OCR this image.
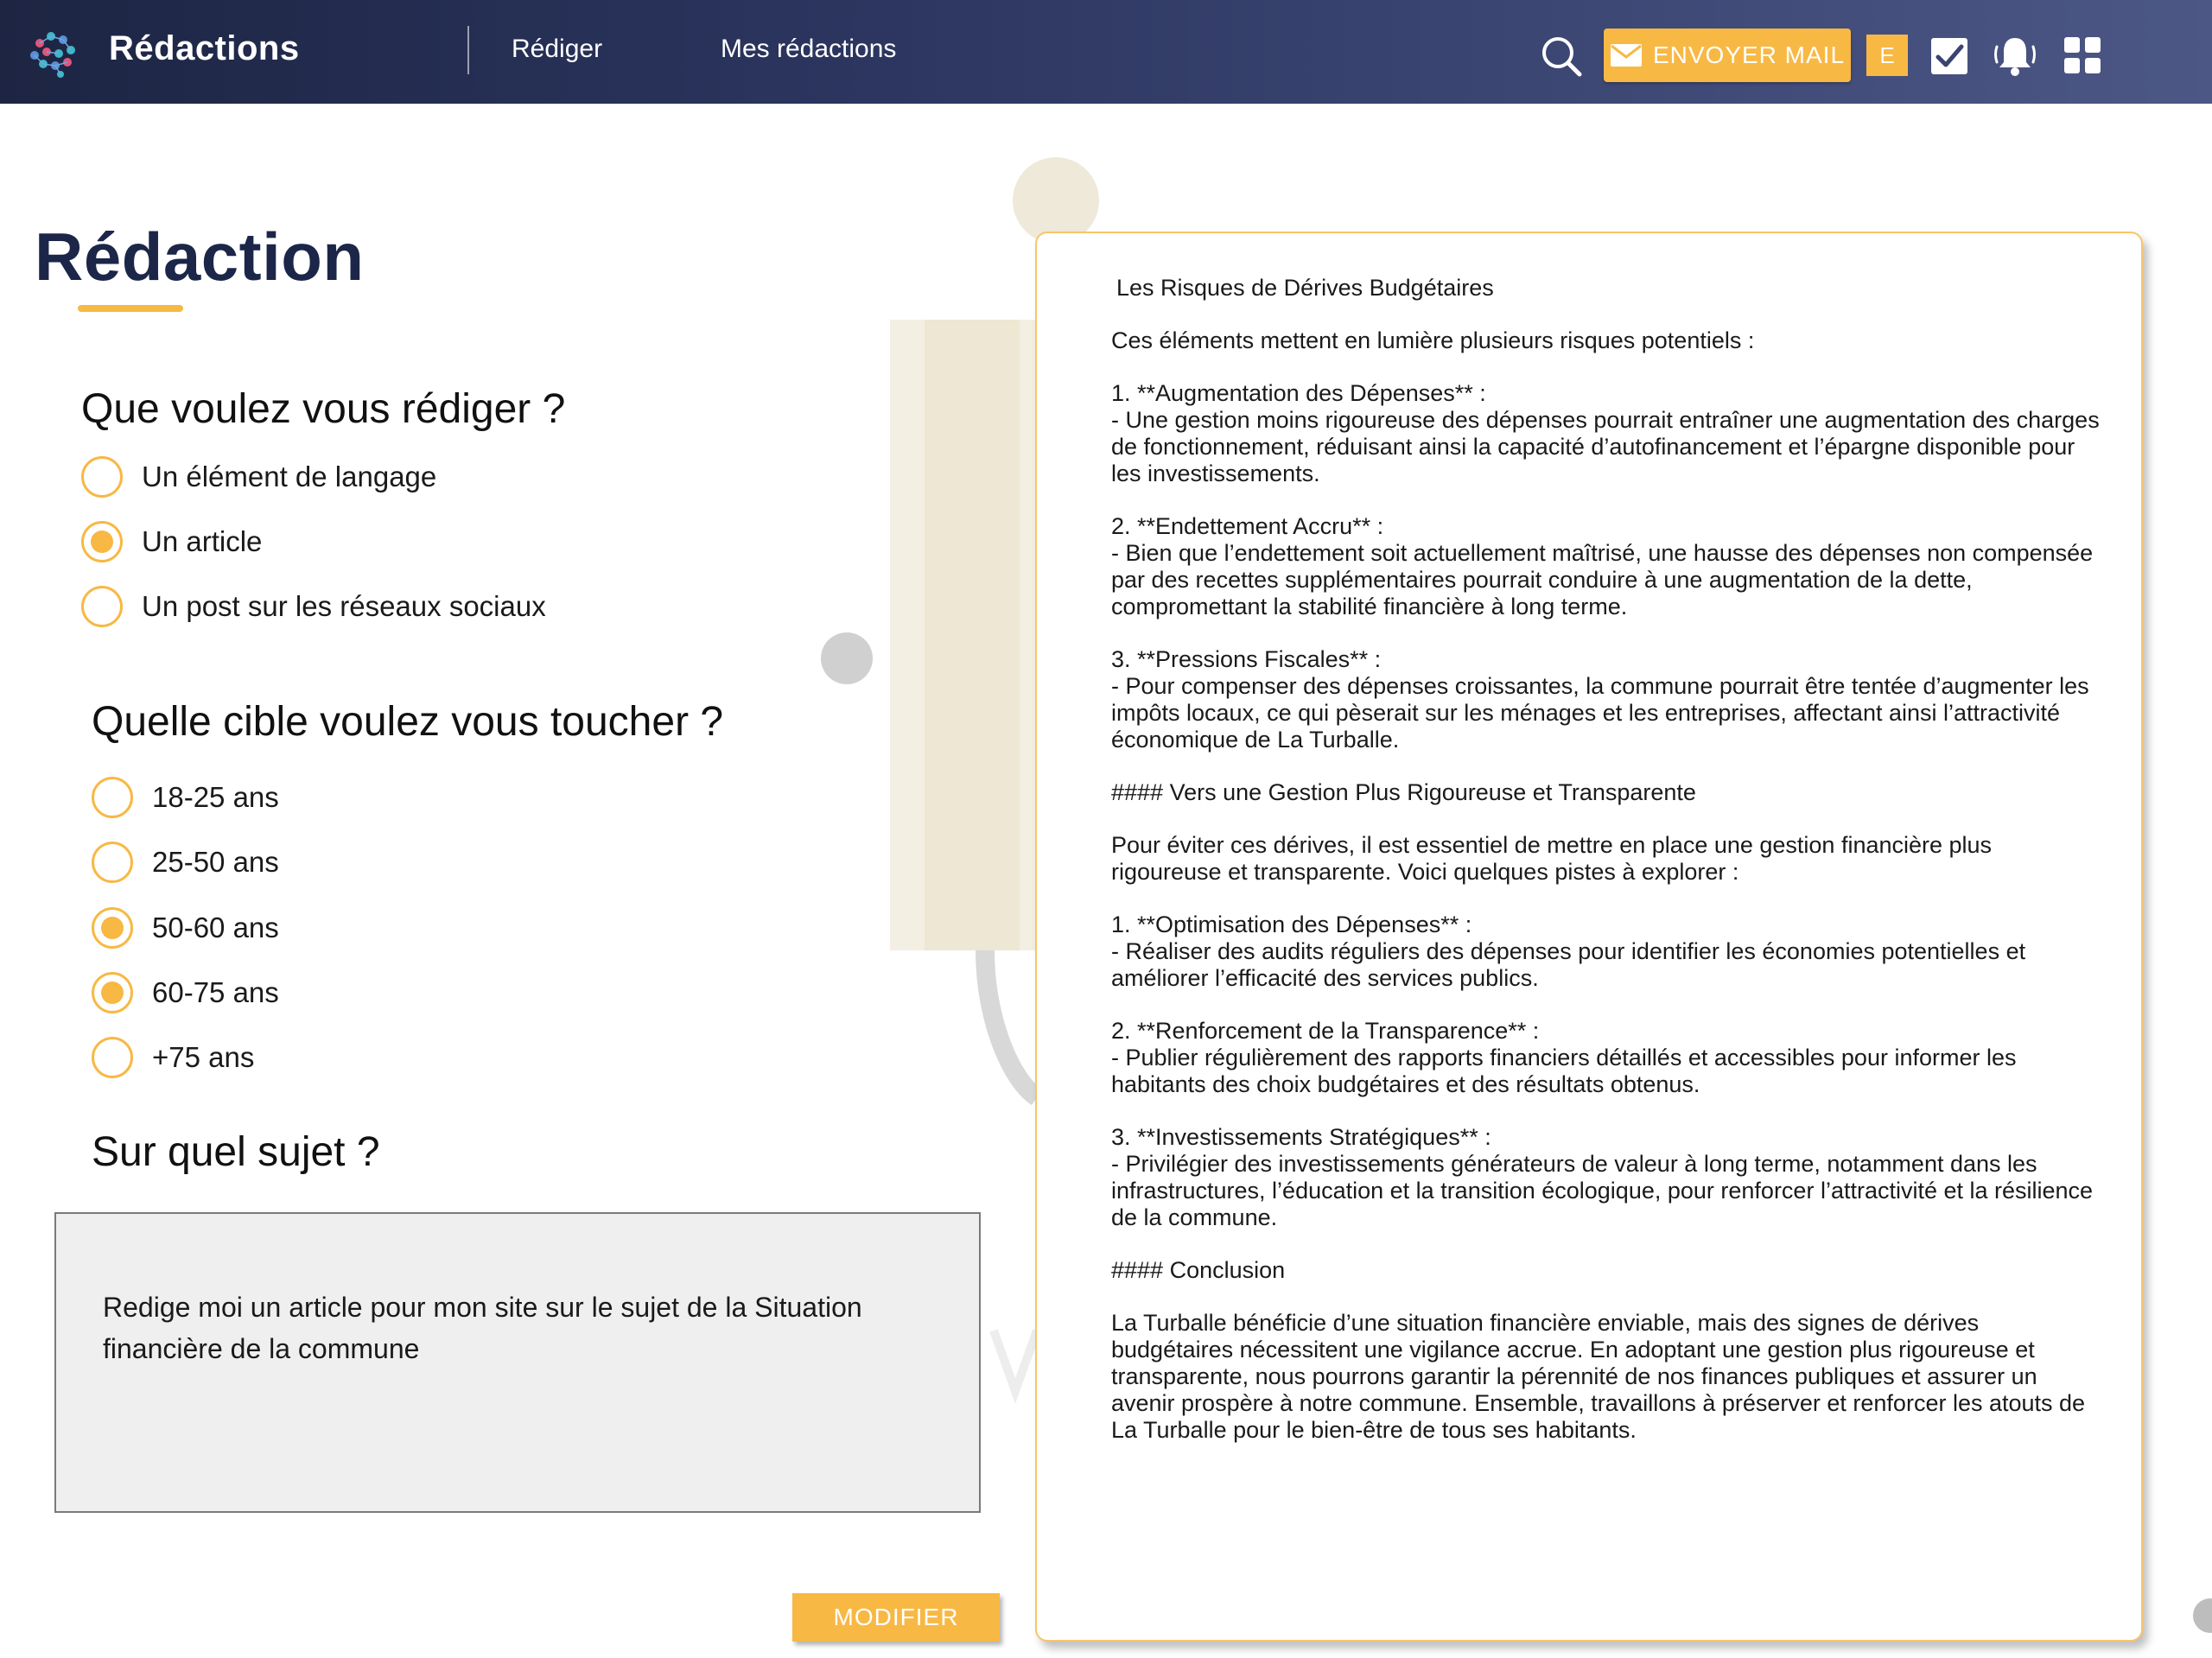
Rédactions	Rédiger	Mes rédactions	ENVOYER MAIL	E
Rédaction
Que voulez vous rédiger ?
Un élément de langage
Un article
Un post sur les réseaux sociaux
Quelle cible voulez vous toucher ?
18-25 ans
25-50 ans
50-60 ans
60-75 ans
+75 ans
Sur quel sujet ?
Redige moi un article pour mon site sur le sujet de la Situation financière de la commune
MODIFIER
Les Risques de Dérives Budgétaires
Ces éléments mettent en lumière plusieurs risques potentiels :
1. **Augmentation des Dépenses** :
- Une gestion moins rigoureuse des dépenses pourrait entraîner une augmentation des charges de fonctionnement, réduisant ainsi la capacité d’autofinancement et l’épargne disponible pour les investissements.
2. **Endettement Accru** :
- Bien que l’endettement soit actuellement maîtrisé, une hausse des dépenses non compensée par des recettes supplémentaires pourrait conduire à une augmentation de la dette, compromettant la stabilité financière à long terme.
3. **Pressions Fiscales** :
- Pour compenser des dépenses croissantes, la commune pourrait être tentée d’augmenter les impôts locaux, ce qui pèserait sur les ménages et les entreprises, affectant ainsi l’attractivité économique de La Turballe.
#### Vers une Gestion Plus Rigoureuse et Transparente
Pour éviter ces dérives, il est essentiel de mettre en place une gestion financière plus rigoureuse et transparente. Voici quelques pistes à explorer :
1. **Optimisation des Dépenses** :
- Réaliser des audits réguliers des dépenses pour identifier les économies potentielles et améliorer l’efficacité des services publics.
2. **Renforcement de la Transparence** :
- Publier régulièrement des rapports financiers détaillés et accessibles pour informer les habitants des choix budgétaires et des résultats obtenus.
3. **Investissements Stratégiques** :
- Privilégier des investissements générateurs de valeur à long terme, notamment dans les infrastructures, l’éducation et la transition écologique, pour renforcer l’attractivité et la résilience de la commune.
#### Conclusion
La Turballe bénéficie d’une situation financière enviable, mais des signes de dérives budgétaires nécessitent une vigilance accrue. En adoptant une gestion plus rigoureuse et transparente, nous pourrons garantir la pérennité de nos finances publiques et assurer un avenir prospère à notre commune. Ensemble, travaillons à préserver et renforcer les atouts de La Turballe pour le bien-être de tous ses habitants.
